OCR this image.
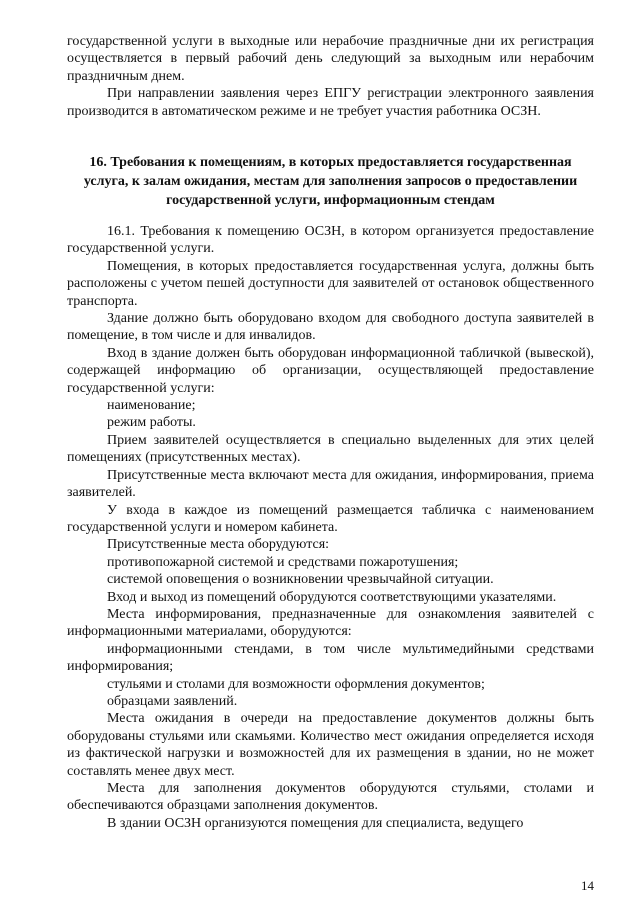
государственной услуги в выходные или нерабочие праздничные дни их регистрация осуществляется в первый рабочий день следующий за выходным или нерабочим праздничным днем.

При направлении заявления через ЕПГУ регистрации электронного заявления производится в автоматическом режиме и не требует участия работника ОСЗН.

16. Требования к помещениям, в которых предоставляется государственная услуга, к залам ожидания, местам для заполнения запросов о предоставлении государственной услуги, информационным стендам

16.1. Требования к помещению ОСЗН, в котором организуется предоставление государственной услуги.

Помещения, в которых предоставляется государственная услуга, должны быть расположены с учетом пешей доступности для заявителей от остановок общественного транспорта.

Здание должно быть оборудовано входом для свободного доступа заявителей в помещение, в том числе и для инвалидов.

Вход в здание должен быть оборудован информационной табличкой (вывеской), содержащей информацию об организации, осуществляющей предоставление государственной услуги:

наименование;

режим работы.

Прием заявителей осуществляется в специально выделенных для этих целей помещениях (присутственных местах).

Присутственные места включают места для ожидания, информирования, приема заявителей.

У входа в каждое из помещений размещается табличка с наименованием государственной услуги и номером кабинета.

Присутственные места оборудуются:

противопожарной системой и средствами пожаротушения;

системой оповещения о возникновении чрезвычайной ситуации.

Вход и выход из помещений оборудуются соответствующими указателями.

Места информирования, предназначенные для ознакомления заявителей с информационными материалами, оборудуются:

информационными стендами, в том числе мультимедийными средствами информирования;

стульями и столами для возможности оформления документов;

образцами заявлений.

Места ожидания в очереди на предоставление документов должны быть оборудованы стульями или скамьями. Количество мест ожидания определяется исходя из фактической нагрузки и возможностей для их размещения в здании, но не может составлять менее двух мест.

Места для заполнения документов оборудуются стульями, столами и обеспечиваются образцами заполнения документов.

В здании ОСЗН организуются помещения для специалиста, ведущего

14
